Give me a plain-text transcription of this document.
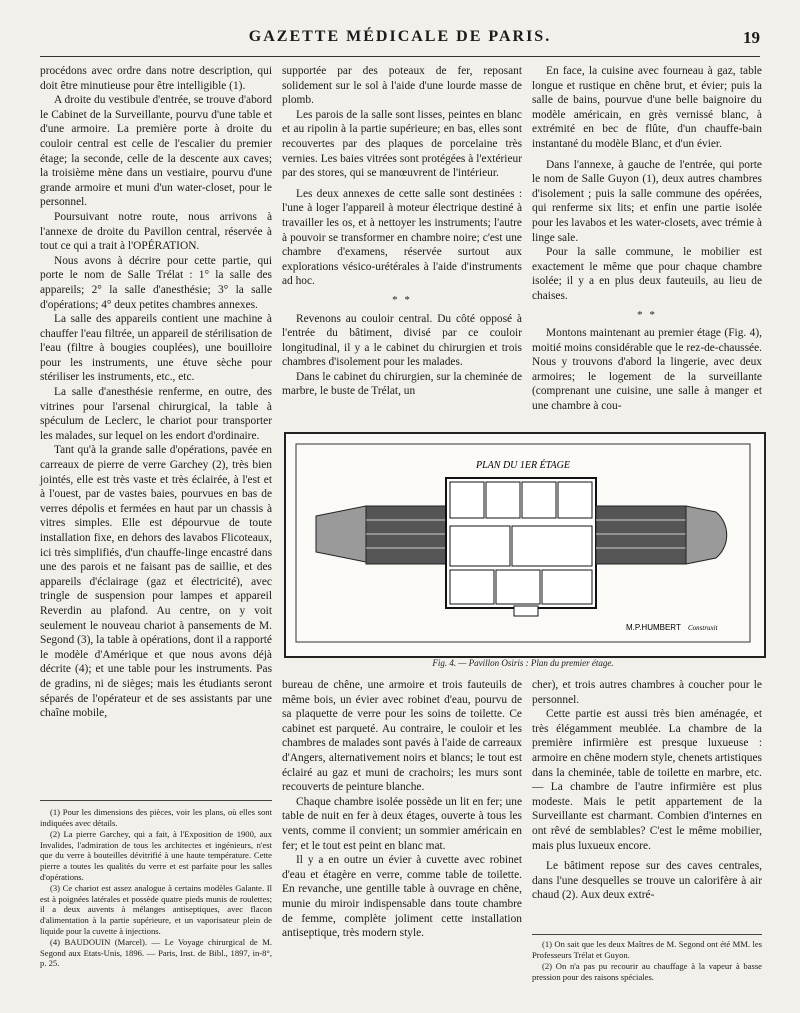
GAZETTE MÉDICALE DE PARIS.	19

procédons avec ordre dans notre description, qui doit être minutieuse pour être intelligible (1).

A droite du vestibule d'entrée, se trouve d'abord le Cabinet de la Surveillante, pourvu d'une table et d'une armoire. La première porte à droite du couloir central est celle de l'escalier du premier étage; la seconde, celle de la descente aux caves; la troisième mène dans un vestiaire, pourvu d'une grande armoire et muni d'un water-closet, pour le personnel.

Poursuivant notre route, nous arrivons à l'annexe de droite du Pavillon central, réservée à tout ce qui a trait à l'OPÉRATION.

Nous avons à décrire pour cette partie, qui porte le nom de Salle Trélat : 1° la salle des appareils; 2° la salle d'anesthésie; 3° la salle d'opérations; 4° deux petites chambres annexes.

La salle des appareils contient une machine à chauffer l'eau filtrée, un appareil de stérilisation de l'eau (filtre à bougies couplées), une bouilloire pour les instruments, une étuve sèche pour stériliser les instruments, etc., etc.

La salle d'anesthésie renferme, en outre, des vitrines pour l'arsenal chirurgical, la table à spéculum de Leclerc, le chariot pour transporter les malades, sur lequel on les endort d'ordinaire.

Tant qu'à la grande salle d'opérations, pavée en carreaux de pierre de verre Garchey (2), très bien jointés, elle est très vaste et très éclairée, à l'est et à l'ouest, par de vastes baies, pourvues en bas de verres dépolis et fermées en haut par un chassis à vitres simples. Elle est dépourvue de toute installation fixe, en dehors des lavabos Flicoteaux, ici très simplifiés, d'un chauffe-linge encastré dans une des parois et ne faisant pas de saillie, et des appareils d'éclairage (gaz et électricité), avec tringle de suspension pour lampes et appareil Reverdin au plafond. Au centre, on y voit seulement le nouveau chariot à pansements de M. Segond (3), la table à opérations, dont il a rapporté le modèle d'Amérique et que nous avons déjà décrite (4); et une table pour les instruments. Pas de gradins, ni de sièges; mais les étudiants seront séparés de l'opérateur et de ses assistants par une chaîne mobile,

supportée par des poteaux de fer, reposant solidement sur le sol à l'aide d'une lourde masse de plomb.

Les parois de la salle sont lisses, peintes en blanc et au ripolin à la partie supérieure; en bas, elles sont recouvertes par des plaques de porcelaine très vernies. Les baies vitrées sont protégées à l'extérieur par des stores, qui se manœuvrent de l'intérieur.

Les deux annexes de cette salle sont destinées : l'une à loger l'appareil à moteur électrique destiné à travailler les os, et à nettoyer les instruments; l'autre à pouvoir se transformer en chambre noire; c'est une chambre d'examens, réservée surtout aux explorations vésico-urétérales à l'aide d'instruments ad hoc.

* *

Revenons au couloir central. Du côté opposé à l'entrée du bâtiment, divisé par ce couloir longitudinal, il y a le cabinet du chirurgien et trois chambres d'isolement pour les malades.

Dans le cabinet du chirurgien, sur la cheminée de marbre, le buste de Trélat, un

En face, la cuisine avec fourneau à gaz, table longue et rustique en chêne brut, et évier; puis la salle de bains, pourvue d'une belle baignoire du modèle américain, en grès vernissé blanc, à extrémité en bec de flûte, d'un chauffe-bain instantané du modèle Blanc, et d'un évier.

Dans l'annexe, à gauche de l'entrée, qui porte le nom de Salle Guyon (1), deux autres chambres d'isolement ; puis la salle commune des opérées, qui renferme six lits; et enfin une partie isolée pour les lavabos et les water-closets, avec trémie à linge sale.

Pour la salle commune, le mobilier est exactement le même que pour chaque chambre isolée; il y a en plus deux fauteuils, au lieu de chaises.

* *

Montons maintenant au premier étage (Fig. 4), moitié moins considérable que le rez-de-chaussée. Nous y trouvons d'abord la lingerie, avec deux armoires; le logement de la surveillante (comprenant une cuisine, une salle à manger et une chambre à cou-

PLAN DU 1ER ÉTAGE
M.P.HUMBERT Construxit
Fig. 4. — Pavillon Osiris : Plan du premier étage.

bureau de chêne, une armoire et trois fauteuils de même bois, un évier avec robinet d'eau, pourvu de sa plaquette de verre pour les soins de toilette. Ce cabinet est parqueté. Au contraire, le couloir et les chambres de malades sont pavés à l'aide de carreaux d'Angers, alternativement noirs et blancs; le tout est éclairé au gaz et muni de crachoirs; les murs sont recouverts de peinture blanche.

Chaque chambre isolée possède un lit en fer; une table de nuit en fer à deux étages, ouverte à tous les vents, comme il convient; un sommier américain en fer; et le tout est peint en blanc mat.

Il y a en outre un évier à cuvette avec robinet d'eau et étagère en verre, comme table de toilette. En revanche, une gentille table à ouvrage en chêne, munie du miroir indispensable dans toute chambre de femme, complète joliment cette installation antiseptique, très modern style.

cher), et trois autres chambres à coucher pour le personnel.

Cette partie est aussi très bien aménagée, et très élégamment meublée. La chambre de la première infirmière est presque luxueuse : armoire en chêne modern style, chenets artistiques dans la cheminée, table de toilette en marbre, etc. — La chambre de l'autre infirmière est plus modeste. Mais le petit appartement de la Surveillante est charmant. Combien d'internes en ont rêvé de semblables? C'est le même mobilier, mais plus luxueux encore.

Le bâtiment repose sur des caves centrales, dans l'une desquelles se trouve un calorifère à air chaud (2). Aux deux extré-

(1) Pour les dimensions des pièces, voir les plans, où elles sont indiquées avec détails.

(2) La pierre Garchey, qui a fait, à l'Exposition de 1900, aux Invalides, l'admiration de tous les architectes et ingénieurs, n'est que du verre à bouteilles dévitrifié à une haute température. Cette pierre a toutes les qualités du verre et est parfaite pour les salles d'opérations.

(3) Ce chariot est assez analogue à certains modèles Galante. Il est à poignées latérales et possède quatre pieds munis de roulettes; il a deux auvents à mélanges antiseptiques, avec flacon d'alimentation à la partie supérieure, et un vaporisateur plein de liquide pour la cuvette à injections.

(4) BAUDOUIN (Marcel). — Le Voyage chirurgical de M. Segond aux Etats-Unis, 1896. — Paris, Inst. de Bibl., 1897, in-8°, p. 25.

(1) On sait que les deux Maîtres de M. Segond ont été MM. les Professeurs Trélat et Guyon.

(2) On n'a pas pu recourir au chauffage à la vapeur à basse pression pour des raisons spéciales.
